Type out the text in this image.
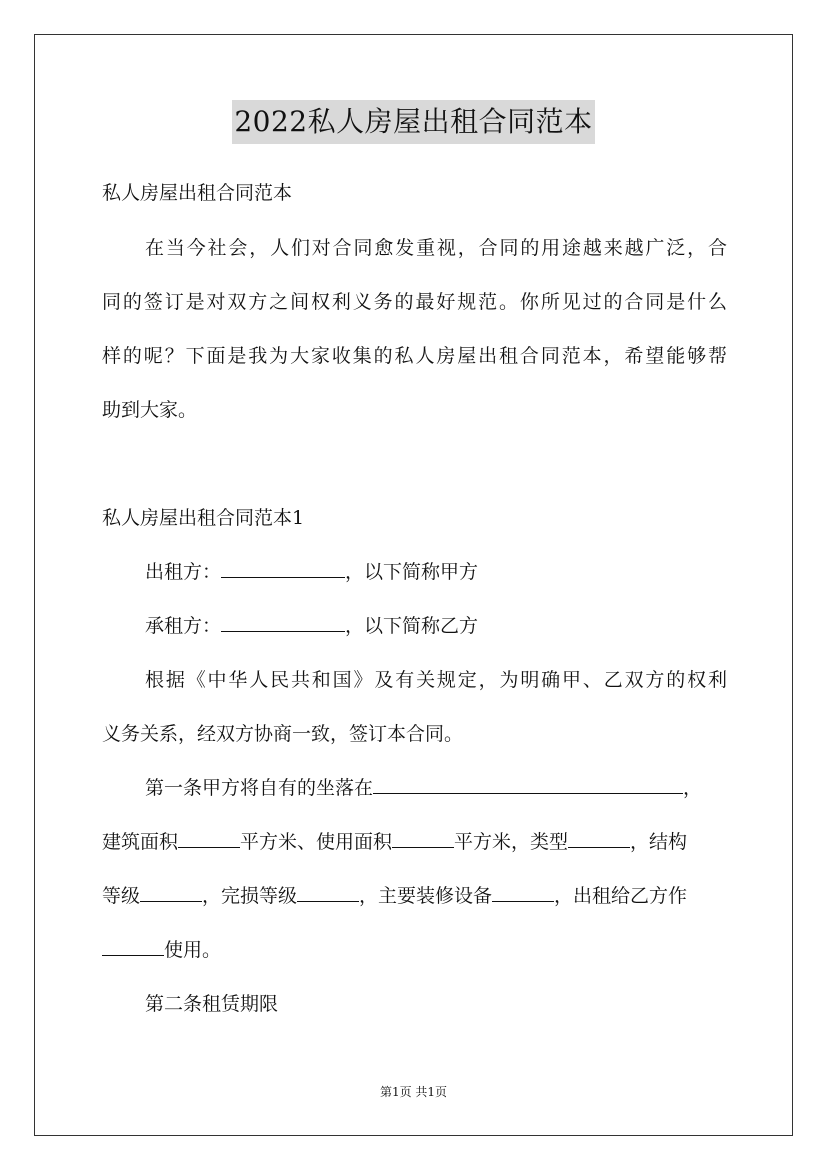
2022私人房屋出租合同范本
私人房屋出租合同范本
在当今社会，人们对合同愈发重视，合同的用途越来越广泛，合
同的签订是对双方之间权利义务的最好规范。你所见过的合同是什么
样的呢？下面是我为大家收集的私人房屋出租合同范本，希望能够帮
助到大家。
私人房屋出租合同范本1
出租方：	，以下简称甲方
承租方：	，以下简称乙方
根据《中华人民共和国》及有关规定，为明确甲、乙双方的权利
义务关系，经双方协商一致，签订本合同。
第一条甲方将自有的坐落在	，
建筑面积	平方米、使用面积	平方米，类型	，结构
等级	，完损等级	，主要装修设备	，出租给乙方作
使用。
第二条租赁期限
第1页 共1页
